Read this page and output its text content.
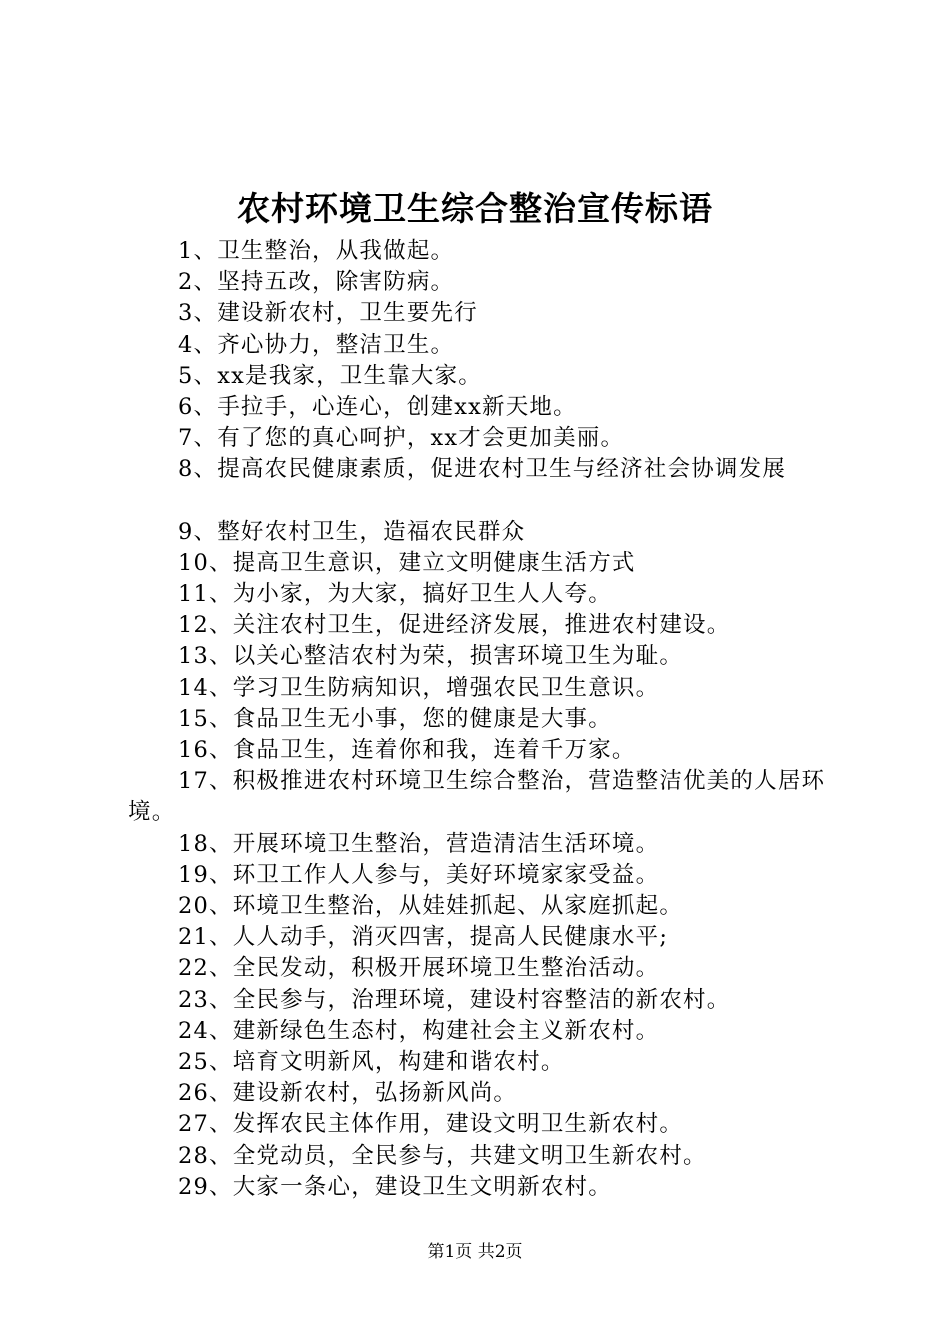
农村环境卫生综合整治宣传标语
1、卫生整治，从我做起。
2、坚持五改，除害防病。
3、建设新农村，卫生要先行
4、齐心协力，整洁卫生。
5、xx是我家，卫生靠大家。
6、手拉手，心连心，创建xx新天地。
7、有了您的真心呵护，xx才会更加美丽。
8、提高农民健康素质，促进农村卫生与经济社会协调发展
9、整好农村卫生，造福农民群众
10、提高卫生意识，建立文明健康生活方式
11、为小家，为大家，搞好卫生人人夸。
12、关注农村卫生，促进经济发展，推进农村建设。
13、以关心整洁农村为荣，损害环境卫生为耻。
14、学习卫生防病知识，增强农民卫生意识。
15、食品卫生无小事，您的健康是大事。
16、食品卫生，连着你和我，连着千万家。
17、积极推进农村环境卫生综合整治，营造整洁优美的人居环境。
18、开展环境卫生整治，营造清洁生活环境。
19、环卫工作人人参与，美好环境家家受益。
20、环境卫生整治，从娃娃抓起、从家庭抓起。
21、人人动手，消灭四害，提高人民健康水平;
22、全民发动，积极开展环境卫生整治活动。
23、全民参与，治理环境，建设村容整洁的新农村。
24、建新绿色生态村，构建社会主义新农村。
25、培育文明新风，构建和谐农村。
26、建设新农村，弘扬新风尚。
27、发挥农民主体作用，建设文明卫生新农村。
28、全党动员，全民参与，共建文明卫生新农村。
29、大家一条心，建设卫生文明新农村。
第1页 共2页
